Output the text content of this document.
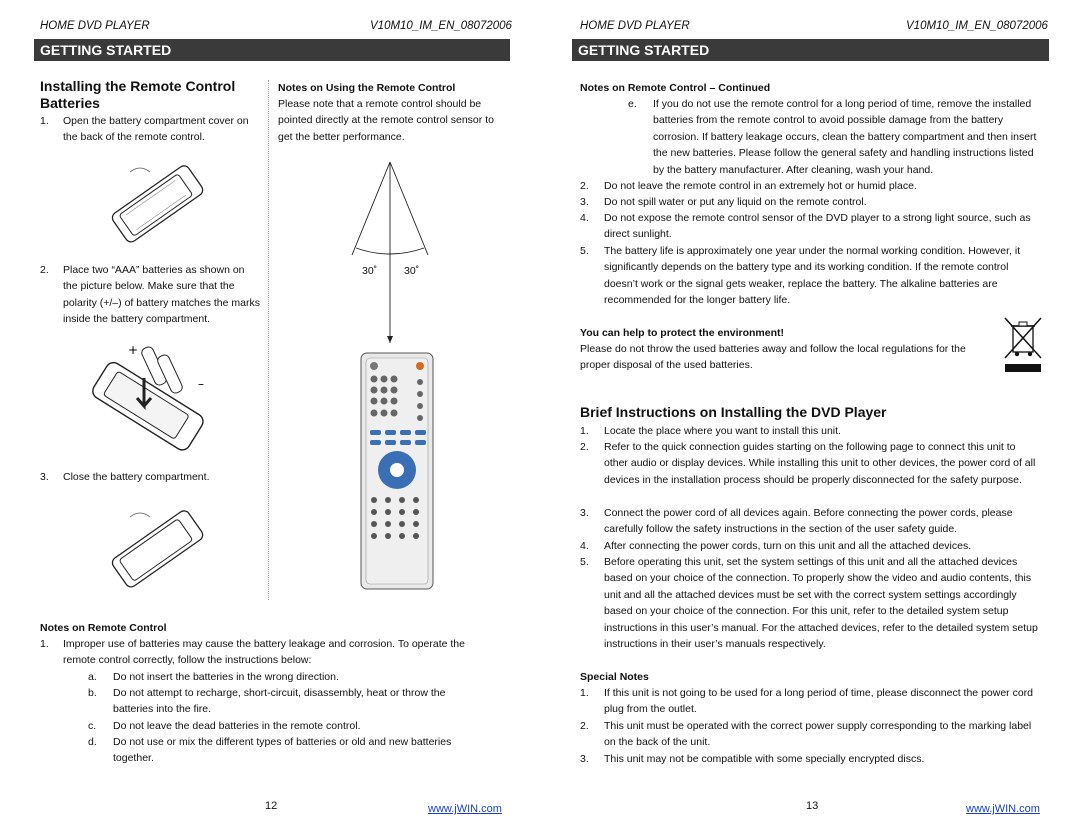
HOME DVD PLAYER	V10M10_IM_EN_08072006
GETTING STARTED
Installing the Remote Control Batteries
1. Open the battery compartment cover on the back of the remote control.
2. Place two “AAA” batteries as shown on the picture below. Make sure that the polarity (+/–) of battery matches the marks inside the battery compartment.
+
–
3. Close the battery compartment.
Notes on Using the Remote Control
Please note that a remote control should be pointed directly at the remote control sensor to get the better performance.
30˚	30˚
Notes on Remote Control
1. Improper use of batteries may cause the battery leakage and corrosion. To operate the remote control correctly, follow the instructions below:
a. Do not insert the batteries in the wrong direction.
b. Do not attempt to recharge, short-circuit, disassembly, heat or throw the batteries into the fire.
c. Do not leave the dead batteries in the remote control.
d. Do not use or mix the different types of batteries or old and new batteries together.
12	www.jWIN.com
HOME DVD PLAYER	V10M10_IM_EN_08072006
GETTING STARTED
Notes on Remote Control – Continued
e. If you do not use the remote control for a long period of time, remove the installed batteries from the remote control to avoid possible damage from the battery corrosion. If battery leakage occurs, clean the battery compartment and then insert the new batteries. Please follow the general safety and handling instructions listed by the battery manufacturer. After cleaning, wash your hand.
2. Do not leave the remote control in an extremely hot or humid place.
3. Do not spill water or put any liquid on the remote control.
4. Do not expose the remote control sensor of the DVD player to a strong light source, such as direct sunlight.
5. The battery life is approximately one year under the normal working condition. However, it significantly depends on the battery type and its working condition. If the remote control doesn’t work or the signal gets weaker, replace the battery. The alkaline batteries are recommended for the longer battery life.
You can help to protect the environment!
Please do not throw the used batteries away and follow the local regulations for the proper disposal of the used batteries.
Brief Instructions on Installing the DVD Player
1. Locate the place where you want to install this unit.
2. Refer to the quick connection guides starting on the following page to connect this unit to other audio or display devices. While installing this unit to other devices, the power cord of all devices in the installation process should be properly disconnected for the safety purpose.
3. Connect the power cord of all devices again. Before connecting the power cords, please carefully follow the safety instructions in the section of the user safety guide.
4. After connecting the power cords, turn on this unit and all the attached devices.
5. Before operating this unit, set the system settings of this unit and all the attached devices based on your choice of the connection. To properly show the video and audio contents, this unit and all the attached devices must be set with the correct system settings accordingly based on your choice of the connection. For this unit, refer to the detailed system setup instructions in this user’s manual. For the attached devices, refer to the detailed system setup instructions in their user’s manuals respectively.
Special Notes
1. If this unit is not going to be used for a long period of time, please disconnect the power cord plug from the outlet.
2. This unit must be operated with the correct power supply corresponding to the marking label on the back of the unit.
3. This unit may not be compatible with some specially encrypted discs.
13	www.jWIN.com
